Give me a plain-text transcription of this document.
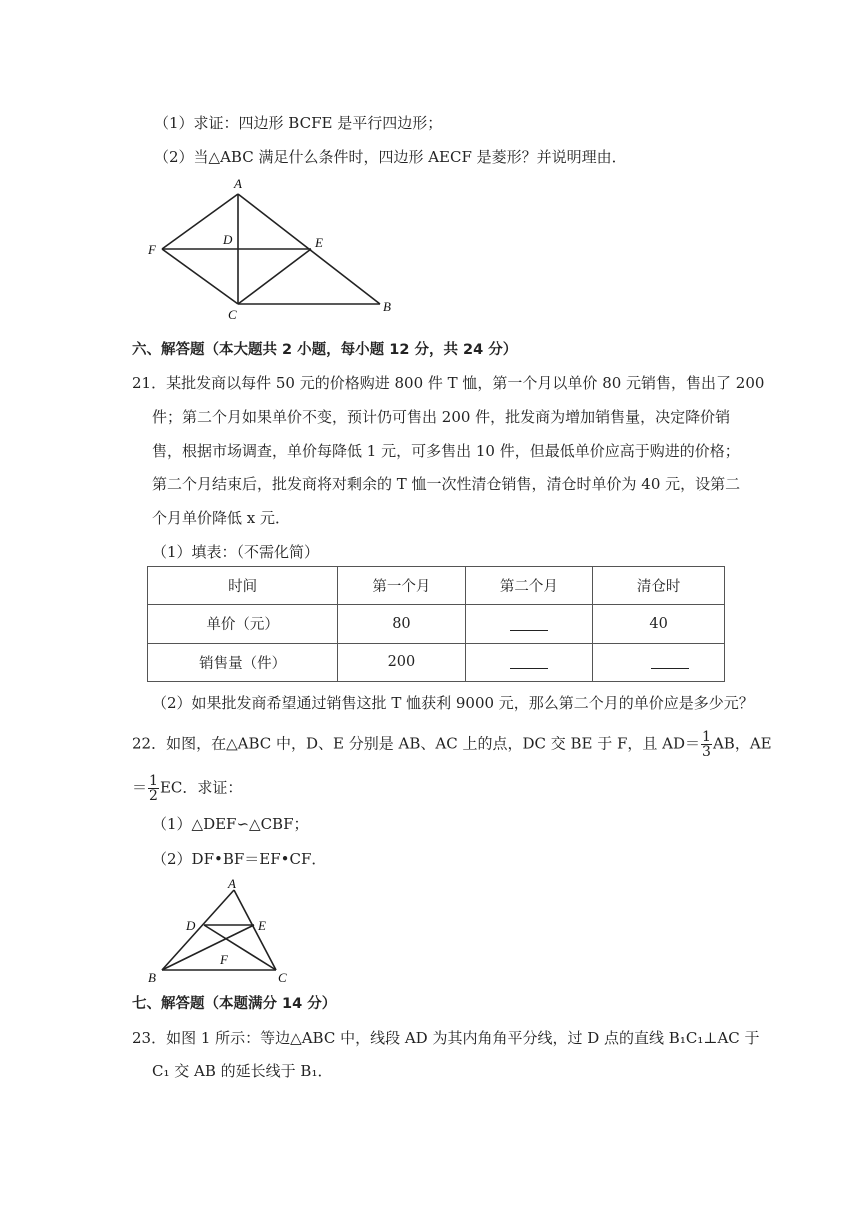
（1）求证：四边形 BCFE 是平行四边形；
（2）当△ABC 满足什么条件时，四边形 AECF 是菱形？并说明理由．
A
D	E
F
C
B
六、解答题（本大题共 2 小题，每小题 12 分，共 24 分）
21．某批发商以每件 50 元的价格购进 800 件 T 恤，第一个月以单价 80 元销售，售出了 200
件；第二个月如果单价不变，预计仍可售出 200 件，批发商为增加销售量，决定降价销
售，根据市场调查，单价每降低 1 元，可多售出 10 件，但最低单价应高于购进的价格；
第二个月结束后，批发商将对剩余的 T 恤一次性清仓销售，清仓时单价为 40 元，设第二
个月单价降低 x 元．
（1）填表：（不需化简）
时间	第一个月	第二个月	清仓时
单价（元）	80		40
销售量（件）	200		
（2）如果批发商希望通过销售这批 T 恤获利 9000 元，那么第二个月的单价应是多少元？
22．如图，在△ABC 中，D、E 分别是 AB、AC 上的点，DC 交 BE 于 F，且 $AD= \frac{1}{3}$ AB，AE
＝ $\frac{1}{2}$ EC．求证：
（1）△DEF∽△CBF；
（2）DF•BF＝EF•CF．
A
D	E
F
B	C
七、解答题（本题满分 14 分）
23．如图 1 所示：等边△ABC 中，线段 AD 为其内角角平分线，过 D 点的直线 B₁C₁⊥AC 于
C₁ 交 AB 的延长线于 B₁．
